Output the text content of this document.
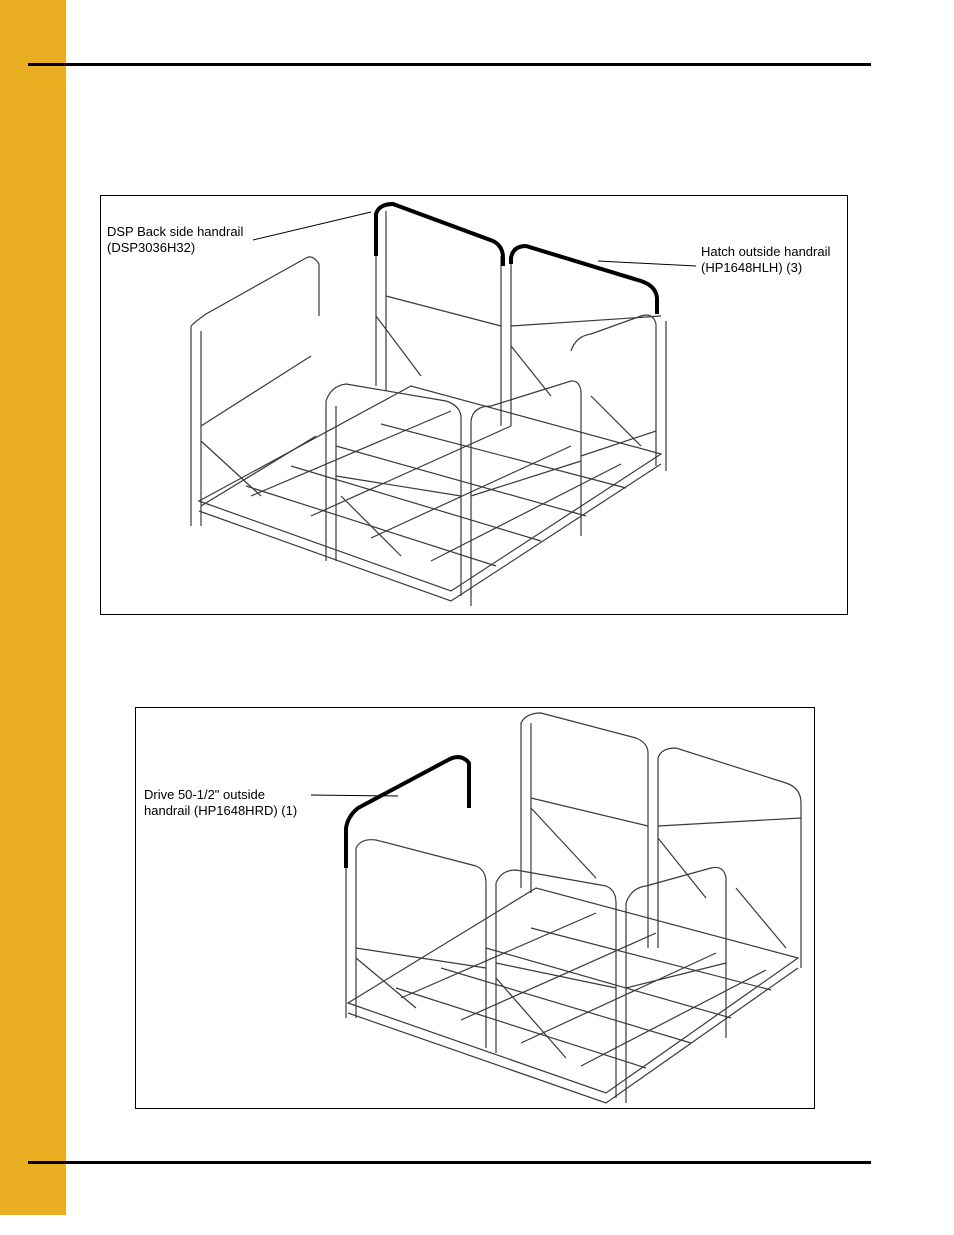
DSP Back side handrail
(DSP3036H32)	Hatch outside handrail
(HP1648HLH) (3)
Drive 50-1/2" outside
handrail (HP1648HRD) (1)
